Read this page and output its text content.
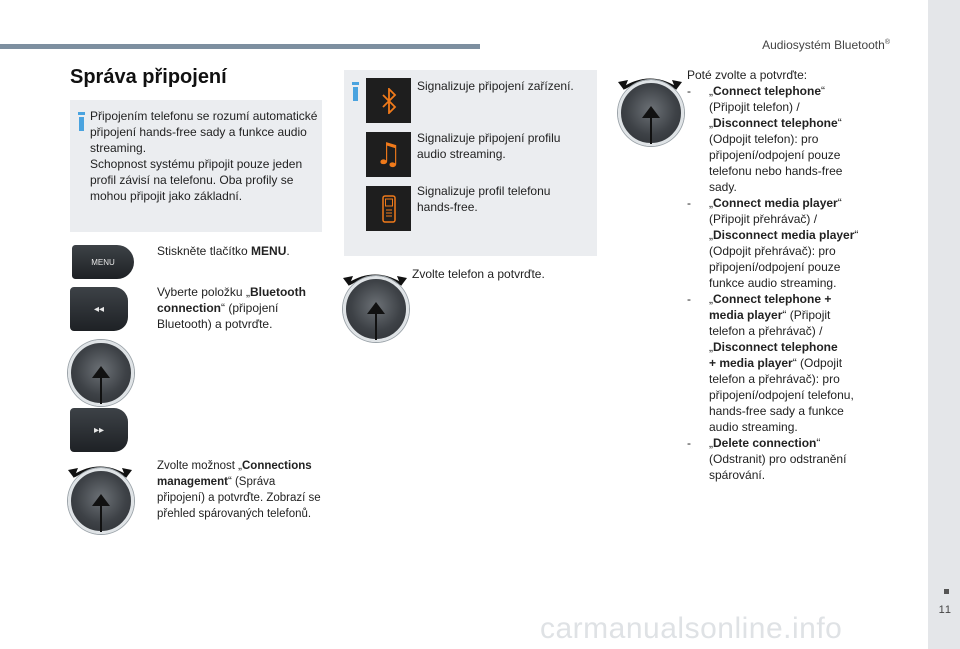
Audiosystém Bluetooth®
11
Správa připojení
Připojením telefonu se rozumí automatické
připojení hands-free sady a funkce audio
streaming.
Schopnost systému připojit pouze jeden
profil závisí na telefonu. Oba profily se
mohou připojit jako základní.
MENU
Stiskněte tlačítko MENU.
◂◂
Vyberte položku „Bluetooth
connection“ (připojení
Bluetooth) a potvrďte.
▸▸
Zvolte možnost „Connections
management“ (Správa
připojení) a potvrďte. Zobrazí se
přehled spárovaných telefonů.
Signalizuje připojení zařízení.
♫ Signalizuje připojení profilu
audio streaming.
Signalizuje profil telefonu
hands-free.
Zvolte telefon a potvrďte.
Poté zvolte a potvrďte:
- „Connect telephone“
(Připojit telefon) /
„Disconnect telephone“
(Odpojit telefon): pro
připojení/odpojení pouze
telefonu nebo hands-free
sady.
- „Connect media player“
(Připojit přehrávač) /
„Disconnect media player“
(Odpojit přehrávač): pro
připojení/odpojení pouze
funkce audio streaming.
- „Connect telephone +
media player“ (Připojit
telefon a přehrávač) /
„Disconnect telephone
+ media player“ (Odpojit
telefon a přehrávač): pro
připojení/odpojení telefonu,
hands-free sady a funkce
audio streaming.
- „Delete connection“
(Odstranit) pro odstranění
spárování.
carmanualsonline.info
